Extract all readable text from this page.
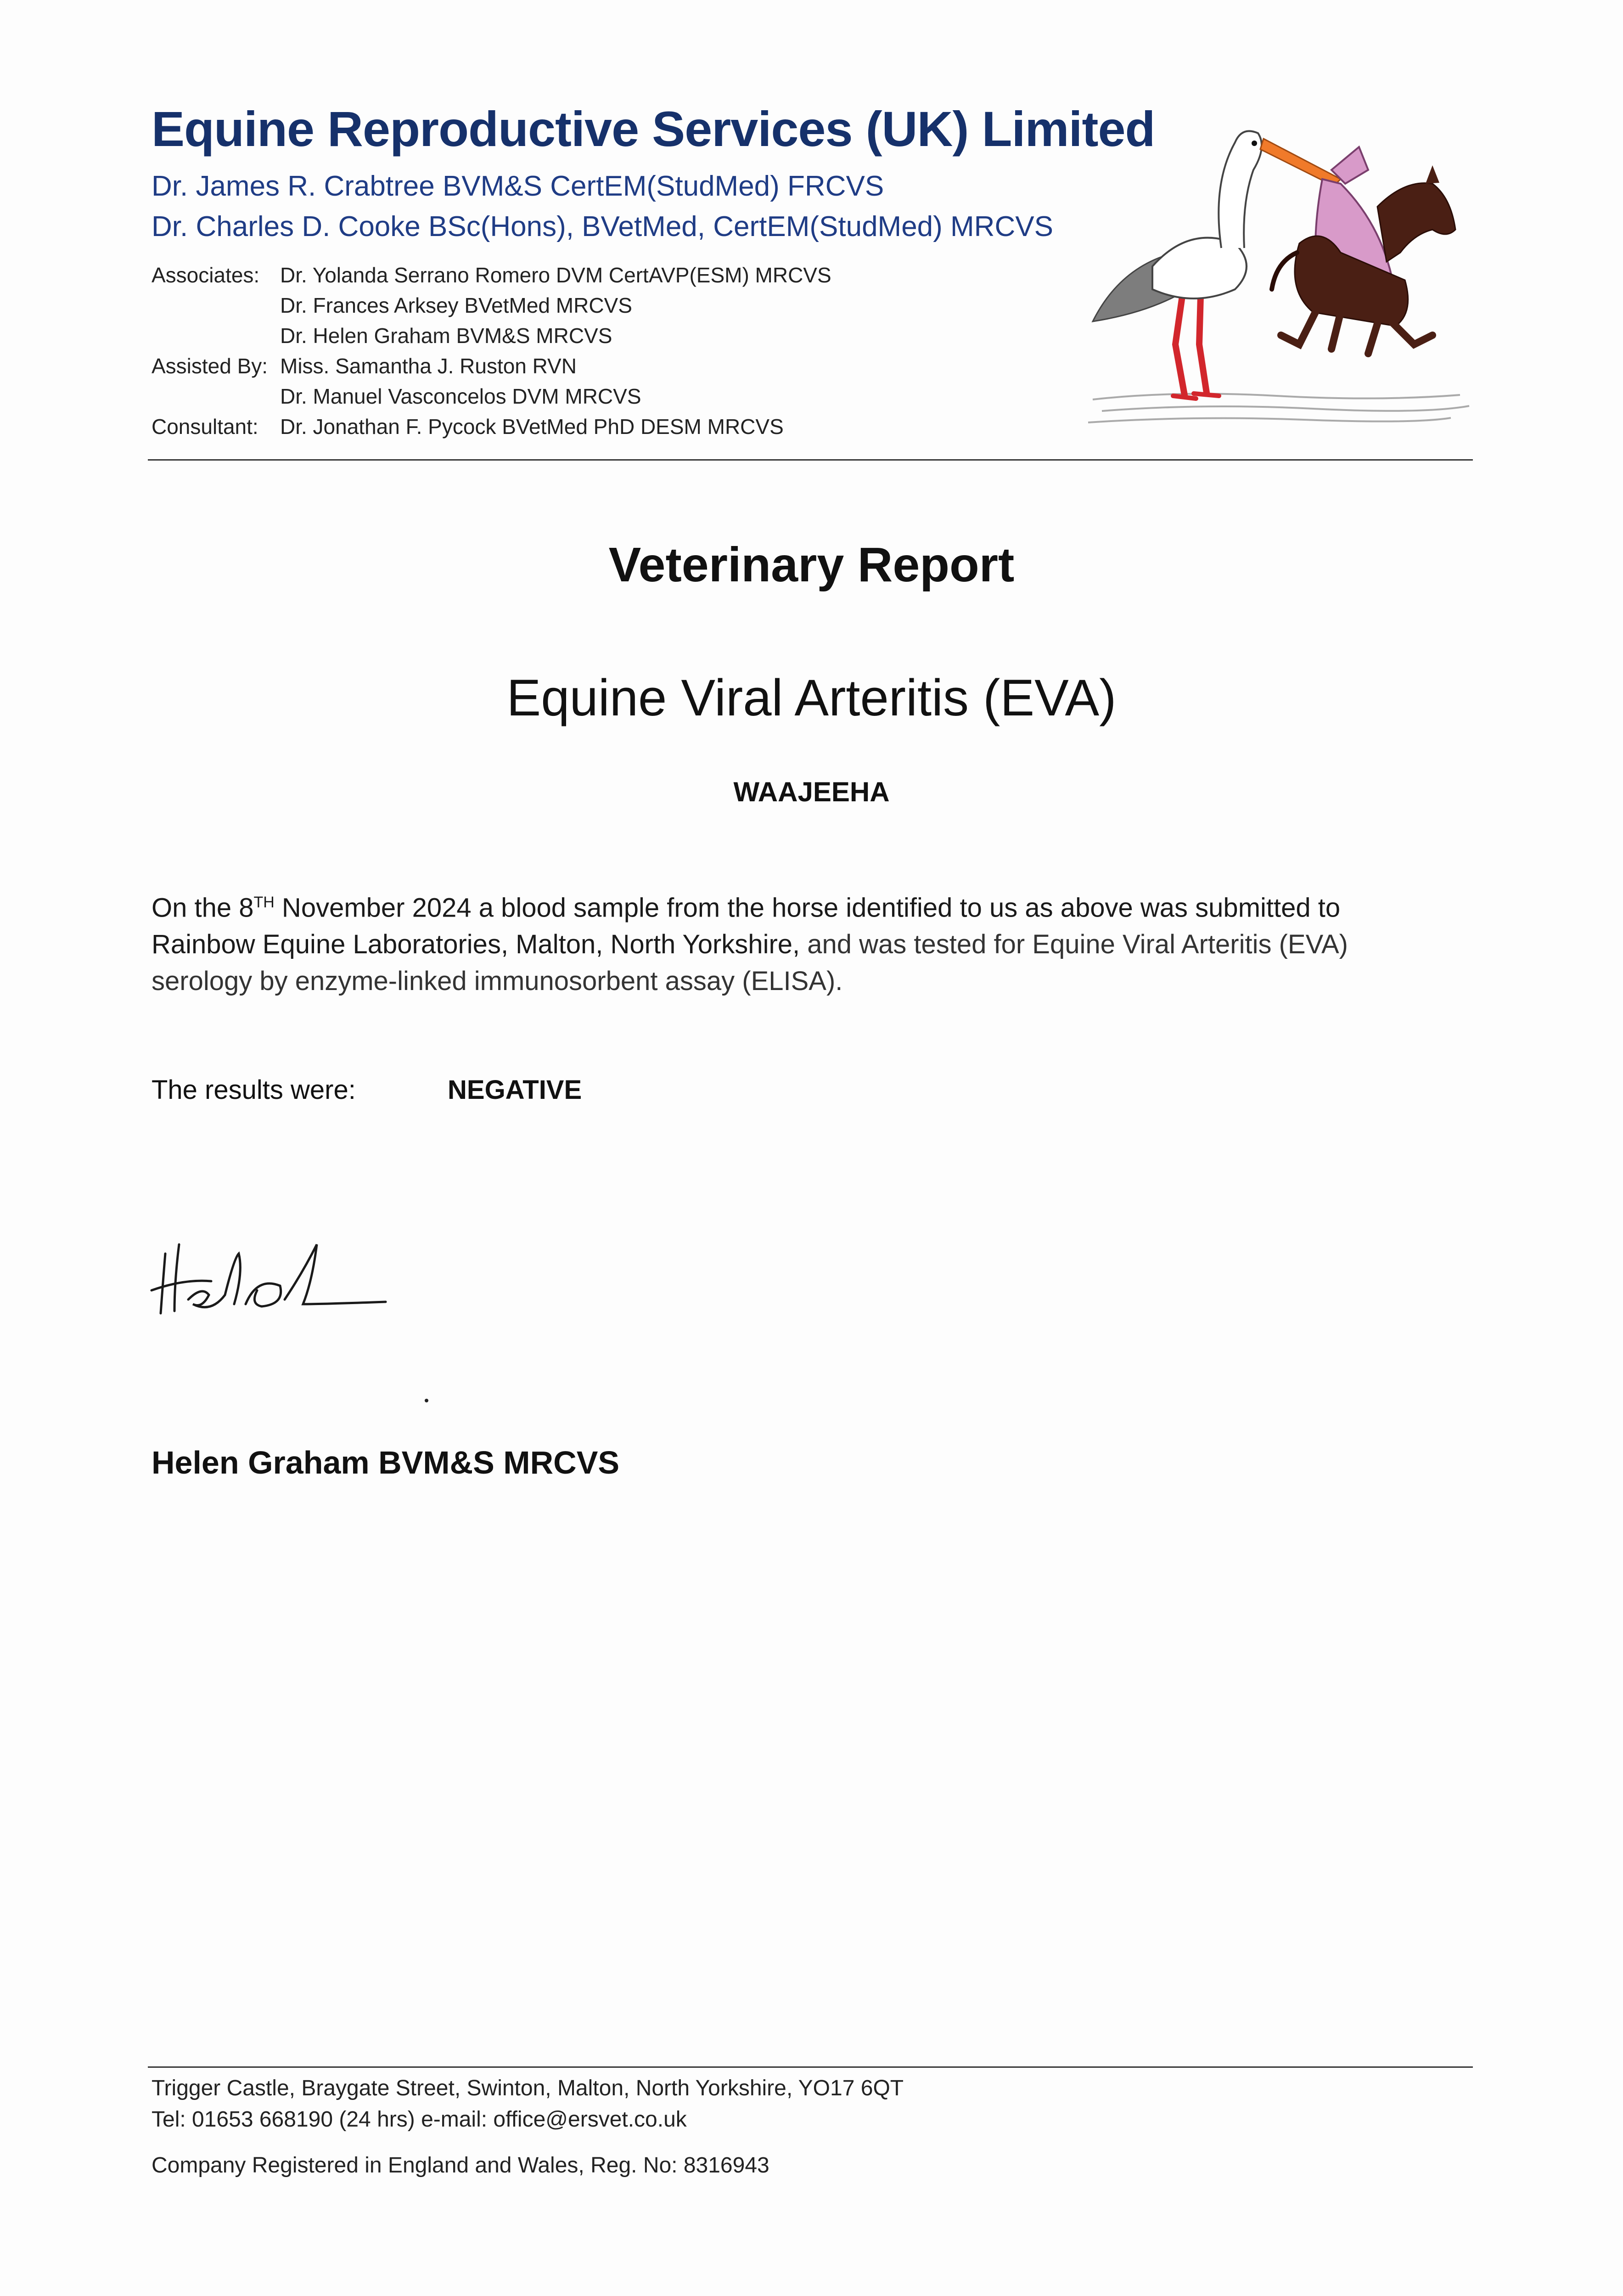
Equine Reproductive Services (UK) Limited
Dr. James R. Crabtree BVM&S CertEM(StudMed) FRCVS
Dr. Charles D. Cooke BSc(Hons), BVetMed, CertEM(StudMed) MRCVS
Associates: Dr. Yolanda Serrano Romero DVM CertAVP(ESM) MRCVS
Dr. Frances Arksey BVetMed MRCVS
Dr. Helen Graham BVM&S MRCVS
Assisted By: Miss. Samantha J. Ruston RVN
Dr. Manuel Vasconcelos DVM MRCVS
Consultant: Dr. Jonathan F. Pycock BVetMed PhD DESM MRCVS
Veterinary Report
Equine Viral Arteritis (EVA)
WAAJEEHA
On the 8TH November 2024 a blood sample from the horse identified to us as above was submitted to Rainbow Equine Laboratories, Malton, North Yorkshire, and was tested for Equine Viral Arteritis (EVA) serology by enzyme-linked immunosorbent assay (ELISA).
The results were:	NEGATIVE
Helen Graham BVM&S MRCVS
Trigger Castle, Braygate Street, Swinton, Malton, North Yorkshire, YO17 6QT
Tel: 01653 668190 (24 hrs) e-mail: office@ersvet.co.uk
Company Registered in England and Wales, Reg. No: 8316943
